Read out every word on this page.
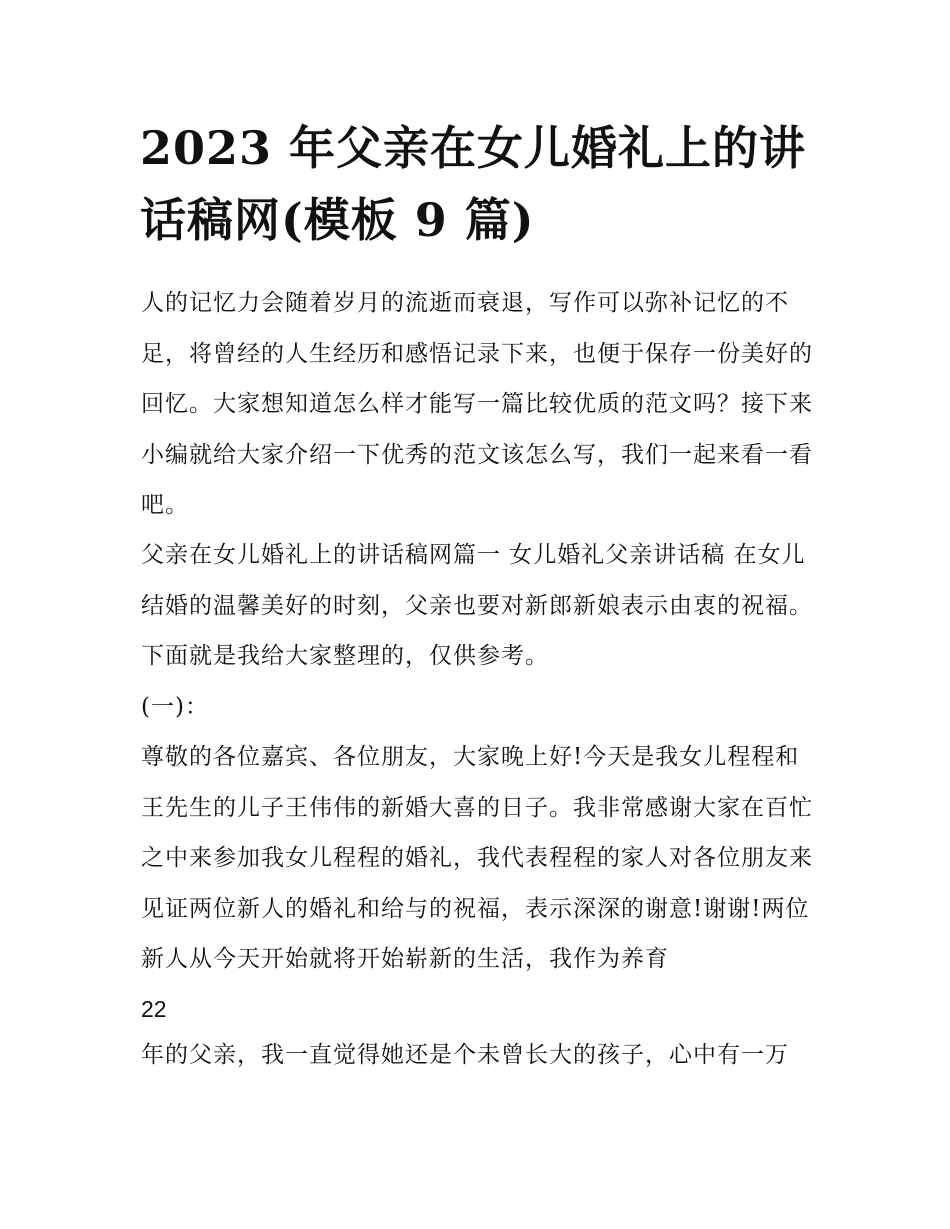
2023 年父亲在女儿婚礼上的讲话稿网(模板 9 篇)

人的记忆力会随着岁月的流逝而衰退，写作可以弥补记忆的不足，将曾经的人生经历和感悟记录下来，也便于保存一份美好的回忆。大家想知道怎么样才能写一篇比较优质的范文吗？接下来小编就给大家介绍一下优秀的范文该怎么写，我们一起来看一看吧。

父亲在女儿婚礼上的讲话稿网篇一 女儿婚礼父亲讲话稿 在女儿结婚的温馨美好的时刻，父亲也要对新郎新娘表示由衷的祝福。下面就是我给大家整理的，仅供参考。

(一)：

尊敬的各位嘉宾、各位朋友，大家晚上好!今天是我女儿程程和王先生的儿子王伟伟的新婚大喜的日子。我非常感谢大家在百忙之中来参加我女儿程程的婚礼，我代表程程的家人对各位朋友来见证两位新人的婚礼和给与的祝福，表示深深的谢意!谢谢!两位新人从今天开始就将开始崭新的生活，我作为养育

22

年的父亲，我一直觉得她还是个未曾长大的孩子，心中有一万
